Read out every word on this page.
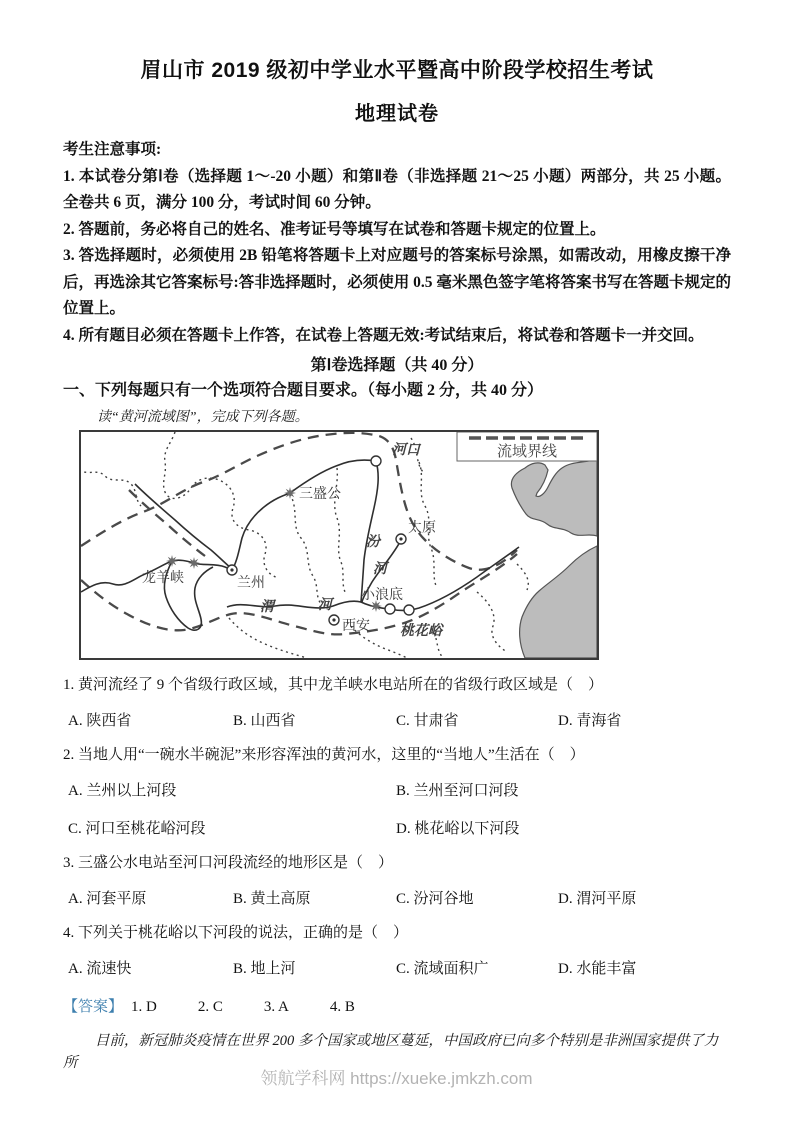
眉山市 2019 级初中学业水平暨高中阶段学校招生考试
地理试卷

考生注意事项:

1. 本试卷分第Ⅰ卷（选择题 1～-20 小题）和第Ⅱ卷（非选择题 21～25 小题）两部分，共 25 小题。全卷共 6 页，满分 100 分，考试时间 60 分钟。

2. 答题前，务必将自己的姓名、准考证号等填写在试卷和答题卡规定的位置上。

3. 答选择题时，必须使用 2B 铅笔将答题卡上对应题号的答案标号涂黑，如需改动，用橡皮擦干净后，再选涂其它答案标号:答非选择题时，必须使用 0.5 毫米黑色签字笔将答案书写在答题卡规定的位置上。

4. 所有题目必须在答题卡上作答，在试卷上答题无效:考试结束后，将试卷和答题卡一并交回。

第Ⅰ卷选择题（共 40 分）
一、下列每题只有一个选项符合题目要求。（每小题 2 分，共 40 分）
读“黄河流域图”，完成下列各题。
流域界线
河口
三盛公
太原
汾
河
龙羊峡	兰州
渭	河
西安
小浪底
桃花峪

1. 黄河流经了 9 个省级行政区域，其中龙羊峡水电站所在的省级行政区域是（　）

A. 陕西省	B. 山西省	C. 甘肃省	D. 青海省

2. 当地人用“一碗水半碗泥”来形容浑浊的黄河水，这里的“当地人”生活在（　）

A. 兰州以上河段	B. 兰州至河口河段
C. 河口至桃花峪河段	D. 桃花峪以下河段

3. 三盛公水电站至河口河段流经的地形区是（　）

A. 河套平原	B. 黄土高原	C. 汾河谷地	D. 渭河平原

4. 下列关于桃花峪以下河段的说法，正确的是（　）

A. 流速快	B. 地上河	C. 流域面积广	D. 水能丰富

【答案】 1. D	2. C	3. A	4. B

目前，新冠肺炎疫情在世界 200 多个国家或地区蔓延，中国政府已向多个特别是非洲国家提供了力所

领航学科网 https://xueke.jmkzh.com
